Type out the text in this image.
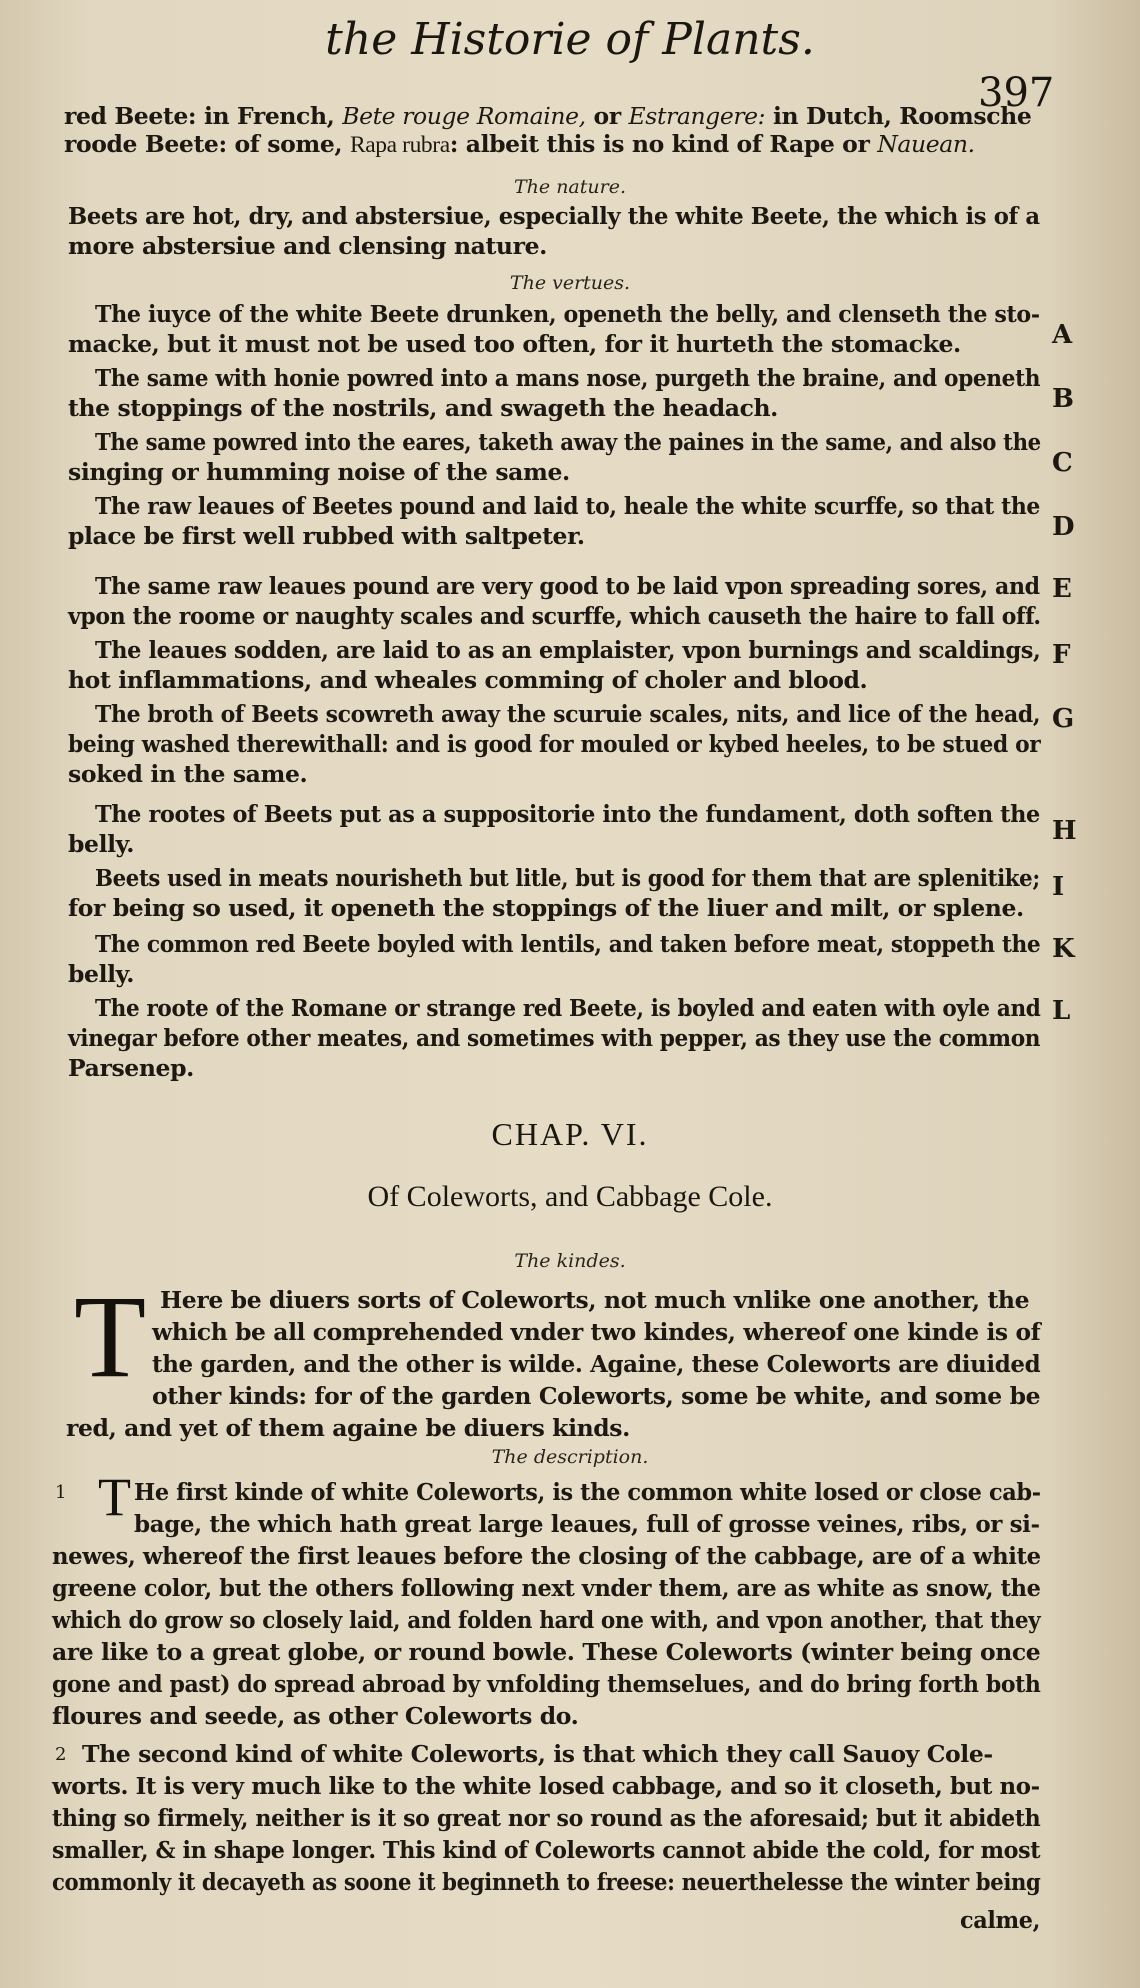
the Historie of Plants.
397
red Beete: in French, Bete rouge Romaine, or Estrangere: in Dutch, Roomsche
roode Beete: of some, Rapa rubra: albeit this is no kind of Rape or Nauean.
The nature.
Beets are hot, dry, and abstersiue, especially the white Beete, the which is of a
more abstersiue and clensing nature.
The vertues.
The iuyce of the white Beete drunken, openeth the belly, and clenseth the sto-
macke, but it must not be used too often, for it hurteth the stomacke.
The same with honie powred into a mans nose, purgeth the braine, and openeth
the stoppings of the nostrils, and swageth the headach.
The same powred into the eares, taketh away the paines in the same, and also the
singing or humming noise of the same.
The raw leaues of Beetes pound and laid to, heale the white scurffe, so that the
place be first well rubbed with saltpeter.
The same raw leaues pound are very good to be laid vpon spreading sores, and
vpon the roome or naughty scales and scurffe, which causeth the haire to fall off.
The leaues sodden, are laid to as an emplaister, vpon burnings and scaldings,
hot inflammations, and wheales comming of choler and blood.
The broth of Beets scowreth away the scuruie scales, nits, and lice of the head,
being washed therewithall: and is good for mouled or kybed heeles, to be stued or
soked in the same.
The rootes of Beets put as a suppositorie into the fundament, doth soften the
belly.
Beets used in meats nourisheth but litle, but is good for them that are splenitike;
for being so used, it openeth the stoppings of the liuer and milt, or splene.
The common red Beete boyled with lentils, and taken before meat, stoppeth the
belly.
The roote of the Romane or strange red Beete, is boyled and eaten with oyle and
vinegar before other meates, and sometimes with pepper, as they use the common
Parsenep.
A
B
C
D
E
F
G
H
I
K
L
CHAP. VI.
Of Coleworts, and Cabbage Cole.
The kindes.
T Here be diuers sorts of Coleworts, not much vnlike one another, the
which be all comprehended vnder two kindes, whereof one kinde is of
the garden, and the other is wilde. Againe, these Coleworts are diuided
other kinds: for of the garden Coleworts, some be white, and some be
red, and yet of them againe be diuers kinds.
The description.
1 T He first kinde of white Coleworts, is the common white losed or close cab-
bage, the which hath great large leaues, full of grosse veines, ribs, or si-
newes, whereof the first leaues before the closing of the cabbage, are of a white
greene color, but the others following next vnder them, are as white as snow, the
which do grow so closely laid, and folden hard one with, and vpon another, that they
are like to a great globe, or round bowle. These Coleworts (winter being once
gone and past) do spread abroad by vnfolding themselues, and do bring forth both
floures and seede, as other Coleworts do.
2 The second kind of white Coleworts, is that which they call Sauoy Cole-
worts. It is very much like to the white losed cabbage, and so it closeth, but no-
thing so firmely, neither is it so great nor so round as the aforesaid; but it abideth
smaller, & in shape longer. This kind of Coleworts cannot abide the cold, for most
commonly it decayeth as soone it beginneth to freese: neuerthelesse the winter being
calme,
